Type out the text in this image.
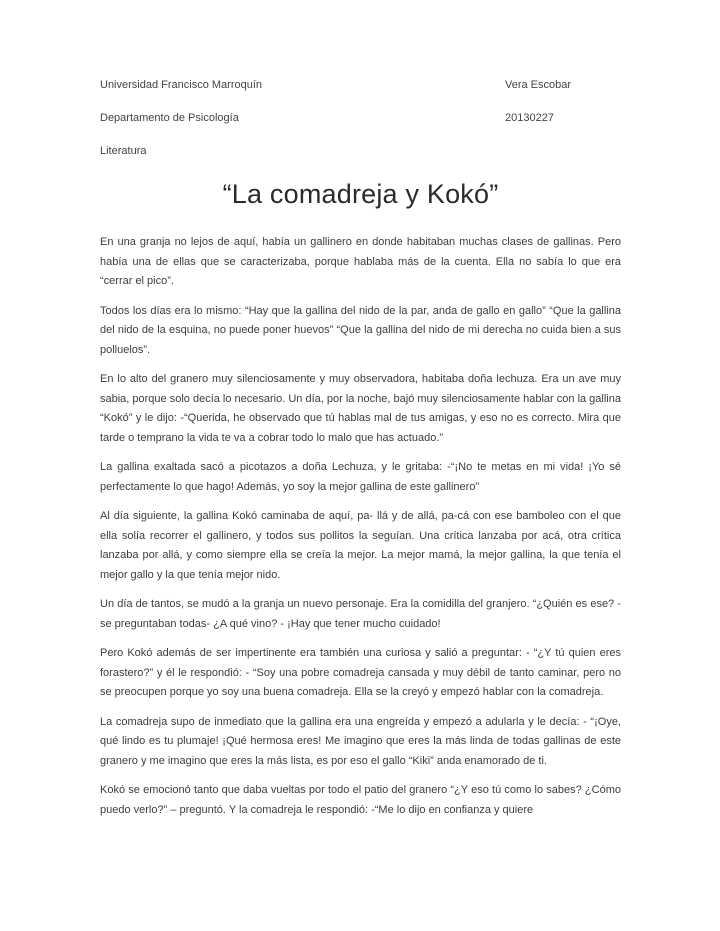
Universidad Francisco Marroquín	Vera Escobar
Departamento de Psicología	20130227
Literatura
“La comadreja y Kokó”

En una granja no lejos de aquí, había un gallinero en donde habitaban muchas clases de gallinas. Pero había una de ellas que se caracterizaba, porque hablaba más de la cuenta. Ella no sabía lo que era “cerrar el pico”.

Todos los días era lo mismo: “Hay que la gallina del nido de la par, anda de gallo en gallo” “Que la gallina del nido de la esquina, no puede poner huevos” “Que la gallina del nido de mi derecha no cuida bien a sus polluelos”.

En lo alto del granero muy silenciosamente y muy observadora, habitaba doña lechuza. Era un ave muy sabia, porque solo decía lo necesario. Un día, por la noche, bajó muy silenciosamente hablar con la gallina “Kokó” y le dijo: -“Querida, he observado que tú hablas mal de tus amigas, y eso no es correcto. Mira que tarde o temprano la vida te va a cobrar todo lo malo que has actuado.”

La gallina exaltada sacó a picotazos a doña Lechuza, y le gritaba: -“¡No te metas en mi vida! ¡Yo sé perfectamente lo que hago! Además, yo soy la mejor gallina de este gallinero”

Al día siguiente, la gallina Kokó caminaba de aquí, pa- llá y de allá, pa-cá con ese bamboleo con el que ella solía recorrer el gallinero, y todos sus pollitos la seguían. Una crítica lanzaba por acá, otra crítica lanzaba por allá, y como siempre ella se creía la mejor. La mejor mamá, la mejor gallina, la que tenía el mejor gallo y la que tenía mejor nido.

Un día de tantos, se mudó a la granja un nuevo personaje. Era la comidilla del granjero. “¿Quién es ese? - se preguntaban todas- ¿A qué vino? - ¡Hay que tener mucho cuidado!

Pero Kokó además de ser impertinente era también una curiosa y salió a preguntar: - “¿Y tú quien eres forastero?” y él le respondió: - “Soy una pobre comadreja cansada y muy débil de tanto caminar, pero no se preocupen porque yo soy una buena comadreja. Ella se la creyó y empezó hablar con la comadreja.

La comadreja supo de inmediato que la gallina era una engreída y empezó a adularla y le decía: - “¡Oye, qué lindo es tu plumaje! ¡Qué hermosa eres! Me imagino que eres la más linda de todas gallinas de este granero y me imagino que eres la más lista, es por eso el gallo “Kiki” anda enamorado de ti.

Kokó se emocionó tanto que daba vueltas por todo el patio del granero “¿Y eso tú como lo sabes? ¿Cómo puedo verlo?” – preguntó. Y la comadreja le respondió: -“Me lo dijo en confianza y quiere
